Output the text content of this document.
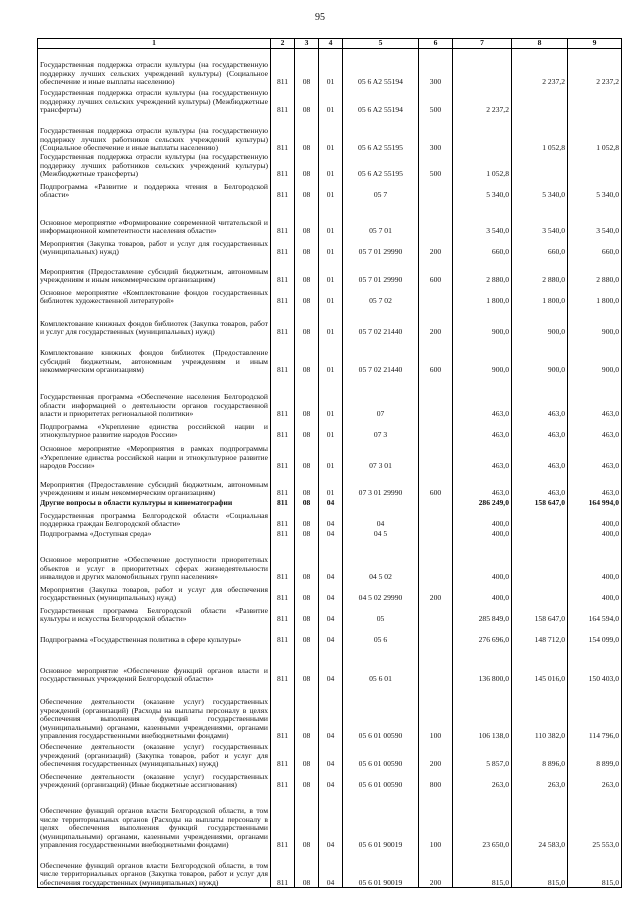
95
1	2	3	4	5	6	7	8	9
Государственная поддержка отрасли культуры (на государственную поддержку лучших сельских учреждений культуры) (Социальное обеспечение и иные выплаты населению)	811	08	01	05 6 A2 55194	300		2 237,2	2 237,2
Государственная поддержка отрасли культуры (на государственную поддержку лучших сельских учреждений культуры) (Межбюджетные трансферты)	811	08	01	05 6 A2 55194	500	2 237,2		
Государственная поддержка отрасли культуры (на государственную поддержку лучших работников сельских учреждений культуры) (Социальное обеспечение и иные выплаты населению)	811	08	01	05 6 A2 55195	300		1 052,8	1 052,8
Государственная поддержка отрасли культуры (на государственную поддержку лучших работников сельских учреждений культуры) (Межбюджетные трансферты)	811	08	01	05 6 A2 55195	500	1 052,8		
Подпрограмма «Развитие и поддержка чтения в Белгородской области»	811	08	01	05 7		5 340,0	5 340,0	5 340,0
Основное мероприятие «Формирование современной читательской и информационной компетентности населения области»	811	08	01	05 7 01		3 540,0	3 540,0	3 540,0
Мероприятия (Закупка товаров, работ и услуг для государственных (муниципальных) нужд)	811	08	01	05 7 01 29990	200	660,0	660,0	660,0
Мероприятия (Предоставление субсидий бюджетным, автономным учреждениям и иным некоммерческим организациям)	811	08	01	05 7 01 29990	600	2 880,0	2 880,0	2 880,0
Основное мероприятие «Комплектование фондов государственных библиотек художественной литературой»	811	08	01	05 7 02		1 800,0	1 800,0	1 800,0
Комплектование книжных фондов библиотек (Закупка товаров, работ и услуг для государственных (муниципальных) нужд)	811	08	01	05 7 02 21440	200	900,0	900,0	900,0
Комплектование книжных фондов библиотек (Предоставление субсидий бюджетным, автономным учреждениям и иным некоммерческим организациям)	811	08	01	05 7 02 21440	600	900,0	900,0	900,0
Государственная программа «Обеспечение населения Белгородской области информацией о деятельности органов государственной власти и приоритетах региональной политики»	811	08	01	07		463,0	463,0	463,0
Подпрограмма «Укрепление единства российской нации и этнокультурное развитие народов России»	811	08	01	07 3		463,0	463,0	463,0
Основное мероприятие «Мероприятия в рамках подпрограммы «Укрепление единства российской нации и этнокультурное развитие народов России»	811	08	01	07 3 01		463,0	463,0	463,0
Мероприятия (Предоставление субсидий бюджетным, автономным учреждениям и иным некоммерческим организациям)	811	08	01	07 3 01 29990	600	463,0	463,0	463,0
Другие вопросы в области культуры и кинематографии	811	08	04			286 249,0	158 647,0	164 994,0
Государственная программа Белгородской области «Социальная поддержка граждан Белгородской области»	811	08	04	04		400,0		400,0
Подпрограмма «Доступная среда»	811	08	04	04 5		400,0		400,0
Основное мероприятие «Обеспечение доступности приоритетных объектов и услуг в приоритетных сферах жизнедеятельности инвалидов и других маломобильных групп населения»	811	08	04	04 5 02		400,0		400,0
Мероприятия (Закупка товаров, работ и услуг для обеспечения государственных (муниципальных) нужд)	811	08	04	04 5 02 29990	200	400,0		400,0
Государственная программа Белгородской области «Развитие культуры и искусства Белгородской области»	811	08	04	05		285 849,0	158 647,0	164 594,0
Подпрограмма «Государственная политика в сфере культуры»	811	08	04	05 6		276 696,0	148 712,0	154 099,0
Основное мероприятие «Обеспечение функций органов власти и государственных учреждений Белгородской области»	811	08	04	05 6 01		136 800,0	145 016,0	150 403,0
Обеспечение деятельности (оказание услуг) государственных учреждений (организаций) (Расходы на выплаты персоналу в целях обеспечения выполнения функций государственными (муниципальными) органами, казенными учреждениями, органами управления государственными внебюджетными фондами)	811	08	04	05 6 01 00590	100	106 138,0	110 382,0	114 796,0
Обеспечение деятельности (оказание услуг) государственных учреждений (организаций) (Закупка товаров, работ и услуг для обеспечения государственных (муниципальных) нужд)	811	08	04	05 6 01 00590	200	5 857,0	8 896,0	8 899,0
Обеспечение деятельности (оказание услуг) государственных учреждений (организаций) (Иные бюджетные ассигнования)	811	08	04	05 6 01 00590	800	263,0	263,0	263,0
Обеспечение функций органов власти Белгородской области, в том числе территориальных органов (Расходы на выплаты персоналу в целях обеспечения выполнения функций государственными (муниципальными) органами, казенными учреждениями, органами управления государственными внебюджетными фондами)	811	08	04	05 6 01 90019	100	23 650,0	24 583,0	25 553,0
Обеспечение функций органов власти Белгородской области, в том числе территориальных органов (Закупка товаров, работ и услуг для обеспечения государственных (муниципальных) нужд)	811	08	04	05 6 01 90019	200	815,0	815,0	815,0
